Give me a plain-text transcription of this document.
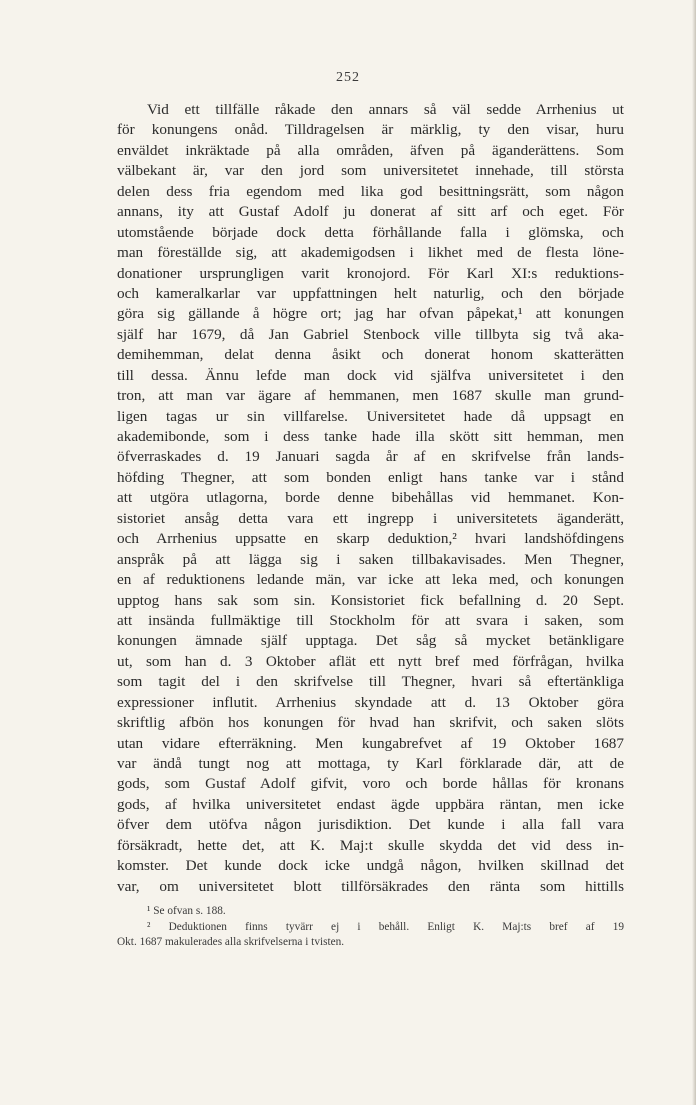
252
Vid ett tillfälle råkade den annars så väl sedde Arrhenius ut
för konungens onåd. Tilldragelsen är märklig, ty den visar, huru
enväldet inkräktade på alla områden, äfven på äganderättens. Som
välbekant är, var den jord som universitetet innehade, till största
delen dess fria egendom med lika god besittningsrätt, som någon
annans, ity att Gustaf Adolf ju donerat af sitt arf och eget. För
utomstående började dock detta förhållande falla i glömska, och
man föreställde sig, att akademigodsen i likhet med de flesta löne-
donationer ursprungligen varit kronojord. För Karl XI:s reduktions-
och kameralkarlar var uppfattningen helt naturlig, och den började
göra sig gällande å högre ort; jag har ofvan påpekat,¹ att konungen
själf har 1679, då Jan Gabriel Stenbock ville tillbyta sig två aka-
demihemman, delat denna åsikt och donerat honom skatterätten
till dessa. Ännu lefde man dock vid själfva universitetet i den
tron, att man var ägare af hemmanen, men 1687 skulle man grund-
ligen tagas ur sin villfarelse. Universitetet hade då uppsagt en
akademibonde, som i dess tanke hade illa skött sitt hemman, men
öfverraskades d. 19 Januari sagda år af en skrifvelse från lands-
höfding Thegner, att som bonden enligt hans tanke var i stånd
att utgöra utlagorna, borde denne bibehållas vid hemmanet. Kon-
sistoriet ansåg detta vara ett ingrepp i universitetets äganderätt,
och Arrhenius uppsatte en skarp deduktion,² hvari landshöfdingens
anspråk på att lägga sig i saken tillbakavisades. Men Thegner,
en af reduktionens ledande män, var icke att leka med, och konungen
upptog hans sak som sin. Konsistoriet fick befallning d. 20 Sept.
att insända fullmäktige till Stockholm för att svara i saken, som
konungen ämnade själf upptaga. Det såg så mycket betänkligare
ut, som han d. 3 Oktober aflät ett nytt bref med förfrågan, hvilka
som tagit del i den skrifvelse till Thegner, hvari så eftertänkliga
expressioner influtit. Arrhenius skyndade att d. 13 Oktober göra
skriftlig afbön hos konungen för hvad han skrifvit, och saken slöts
utan vidare efterräkning. Men kungabrefvet af 19 Oktober 1687
var ändå tungt nog att mottaga, ty Karl förklarade där, att de
gods, som Gustaf Adolf gifvit, voro och borde hållas för kronans
gods, af hvilka universitetet endast ägde uppbära räntan, men icke
öfver dem utöfva någon jurisdiktion. Det kunde i alla fall vara
försäkradt, hette det, att K. Maj:t skulle skydda det vid dess in-
komster. Det kunde dock icke undgå någon, hvilken skillnad det
var, om universitetet blott tillförsäkrades den ränta som hittills
¹ Se ofvan s. 188.
² Deduktionen finns tyvärr ej i behåll. Enligt K. Maj:ts bref af 19
Okt. 1687 makulerades alla skrifvelserna i tvisten.
